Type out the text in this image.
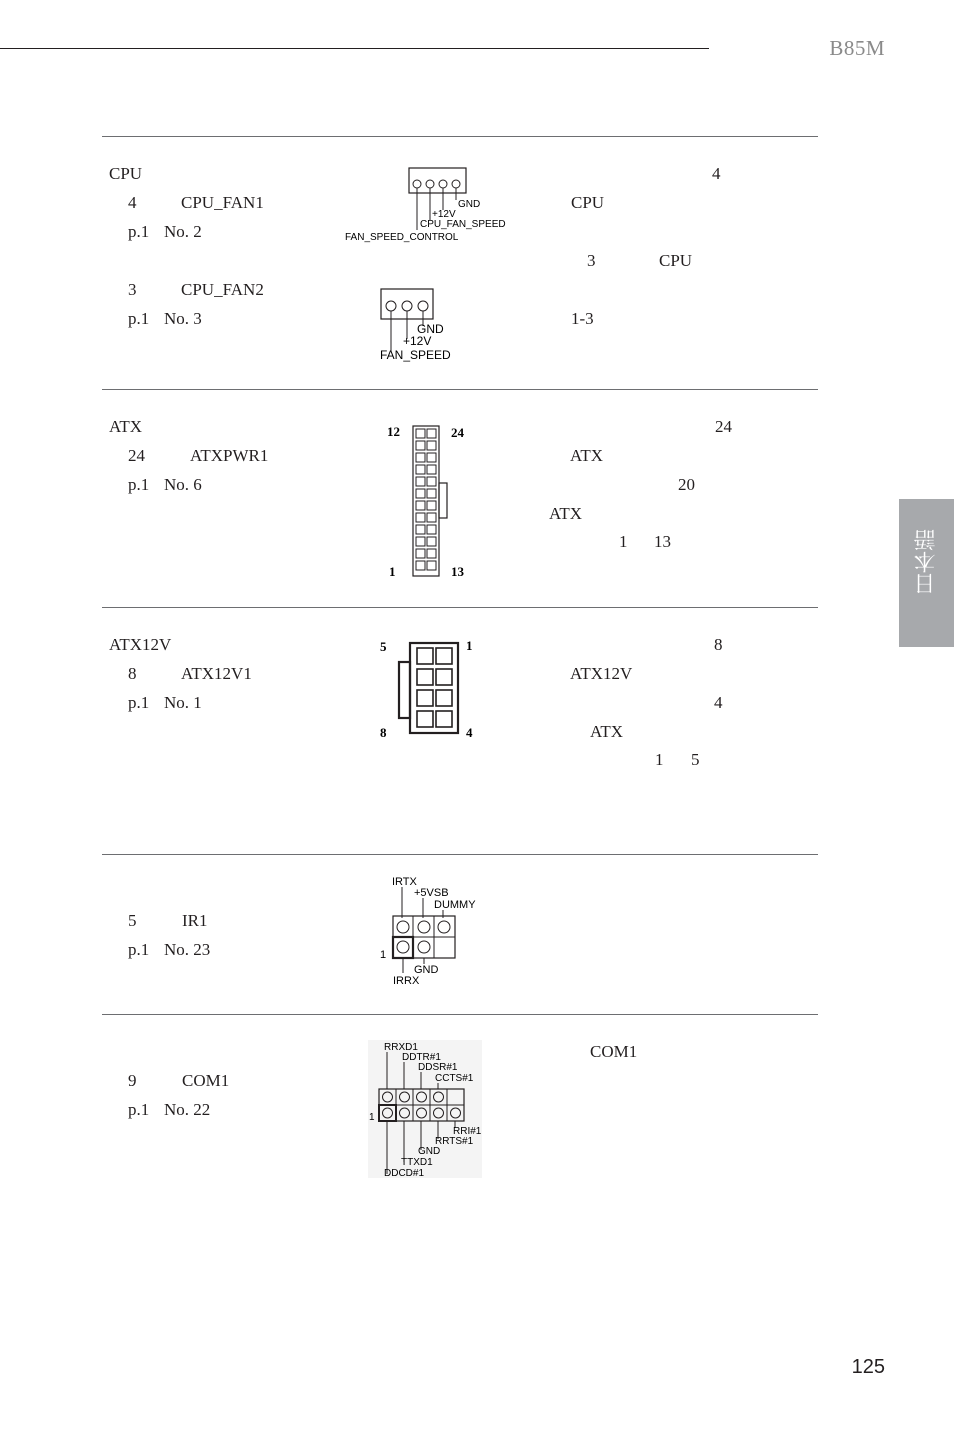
B85M
日本語
CPU
4	CPU_FAN1
p.1 No. 2
3	CPU_FAN2
p.1 No. 3
GND
+12V
CPU_FAN_SPEED
FAN_SPEED_CONTROL
GND
+12V
FAN_SPEED
4
CPU
3	CPU
1-3
ATX
24	ATXPWR1
p.1 No. 6
12	24
1	13
24
ATX
20
ATX
1 13
ATX12V
8	ATX12V1
p.1 No. 1
5	1
8	4
8
ATX12V
4
ATX
1 5
5	IR1
p.1 No. 23
IRTX
+5VSB
DUMMY
1
GND
IRRX
9	COM1
p.1 No. 22
RRXD1
DDTR#1
DDSR#1
CCTS#1
1
RRI#1
RRTS#1
GND
TTXD1
DDCD#1
COM1
125
